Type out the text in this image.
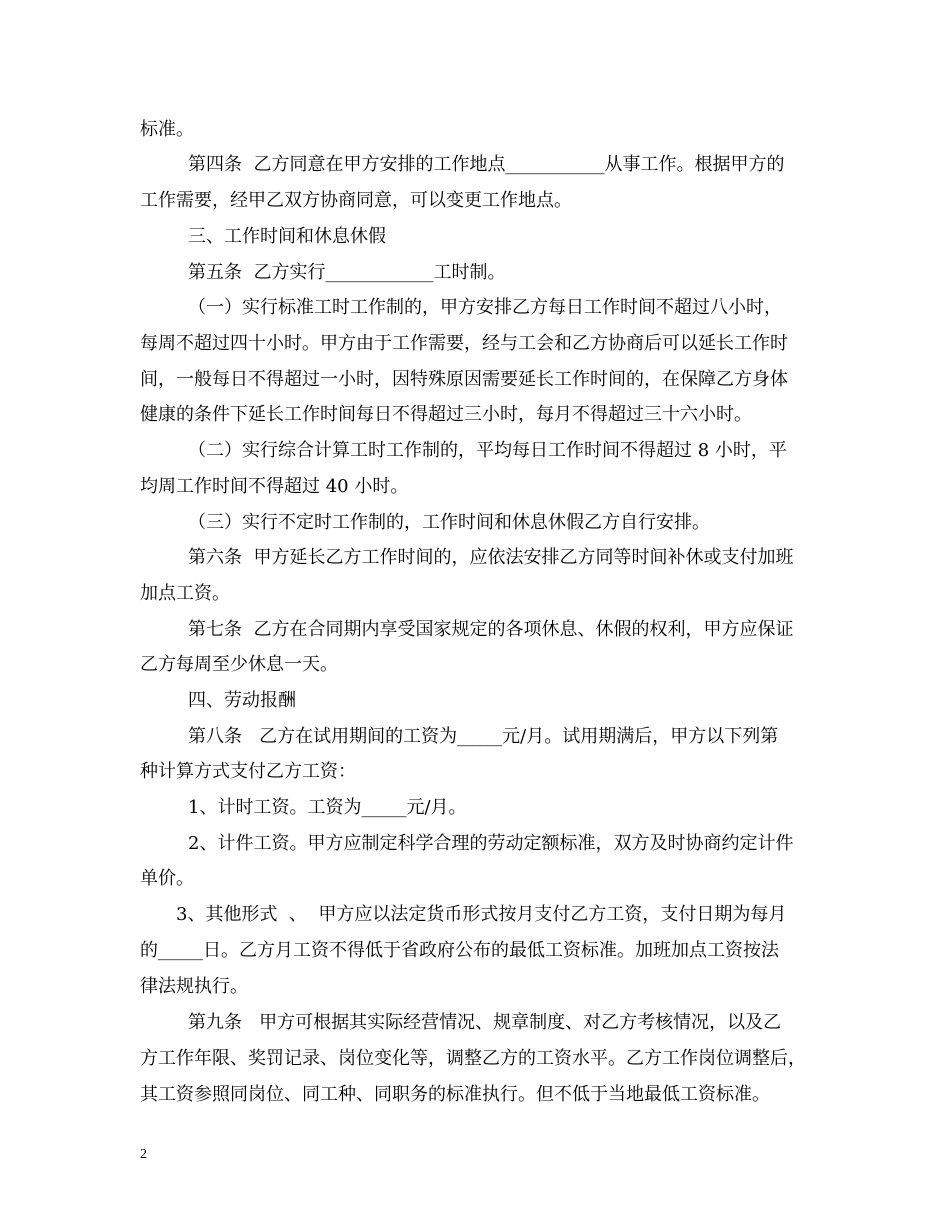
标准。
第四条  乙方同意在甲方安排的工作地点___________从事工作。根据甲方的
工作需要，经甲乙双方协商同意，可以变更工作地点。
三、工作时间和休息休假
第五条  乙方实行____________工时制。
（一）实行标准工时工作制的，甲方安排乙方每日工作时间不超过八小时，
每周不超过四十小时。甲方由于工作需要，经与工会和乙方协商后可以延长工作时
间，一般每日不得超过一小时，因特殊原因需要延长工作时间的，在保障乙方身体
健康的条件下延长工作时间每日不得超过三小时，每月不得超过三十六小时。
（二）实行综合计算工时工作制的，平均每日工作时间不得超过 8 小时，平
均周工作时间不得超过 40 小时。
（三）实行不定时工作制的，工作时间和休息休假乙方自行安排。
第六条  甲方延长乙方工作时间的，应依法安排乙方同等时间补休或支付加班
加点工资。
第七条  乙方在合同期内享受国家规定的各项休息、休假的权利，甲方应保证
乙方每周至少休息一天。
四、劳动报酬
第八条   乙方在试用期间的工资为_____元/月。试用期满后，甲方以下列第
种计算方式支付乙方工资：
1、计时工资。工资为_____元/月。
2、计件工资。甲方应制定科学合理的劳动定额标准，双方及时协商约定计件
单价。
3、其他形式  、  甲方应以法定货币形式按月支付乙方工资，支付日期为每月
的_____日。乙方月工资不得低于省政府公布的最低工资标准。加班加点工资按法
律法规执行。
第九条   甲方可根据其实际经营情况、规章制度、对乙方考核情况，以及乙
方工作年限、奖罚记录、岗位变化等，调整乙方的工资水平。乙方工作岗位调整后，
其工资参照同岗位、同工种、同职务的标准执行。但不低于当地最低工资标准。
2
